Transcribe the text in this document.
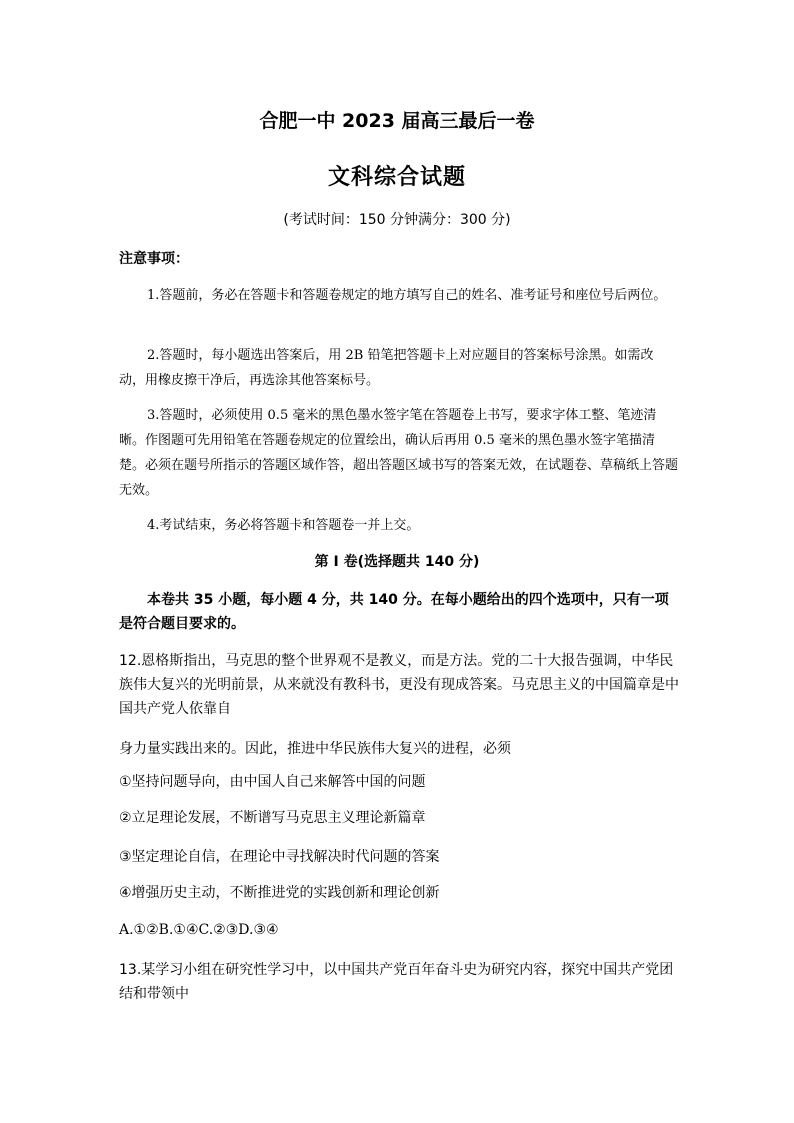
合肥一中 2023 届高三最后一卷
文科综合试题
(考试时间：150 分钟满分：300 分)
注意事项：
1.答题前，务必在答题卡和答题卷规定的地方填写自己的姓名、准考证号和座位号后两位。
2.答题时，每小题选出答案后，用 2B 铅笔把答题卡上对应题目的答案标号涂黑。如需改动，用橡皮擦干净后，再选涂其他答案标号。
3.答题时，必须使用 0.5 毫米的黑色墨水签字笔在答题卷上书写，要求字体工整、笔迹清晰。作图题可先用铅笔在答题卷规定的位置绘出，确认后再用 0.5 毫米的黑色墨水签字笔描清楚。必须在题号所指示的答题区域作答，超出答题区域书写的答案无效，在试题卷、草稿纸上答题无效。
4.考试结束，务必将答题卡和答题卷一并上交。
第 I 卷(选择题共 140 分)
本卷共 35 小题，每小题 4 分，共 140 分。在每小题给出的四个选项中，只有一项是符合题目要求的。
12.恩格斯指出，马克思的整个世界观不是教义，而是方法。党的二十大报告强调，中华民族伟大复兴的光明前景，从来就没有教科书，更没有现成答案。马克思主义的中国篇章是中国共产党人依靠自
身力量实践出来的。因此，推进中华民族伟大复兴的进程，必须
①坚持问题导向，由中国人自己来解答中国的问题
②立足理论发展，不断谱写马克思主义理论新篇章
③坚定理论自信，在理论中寻找解决时代问题的答案
④增强历史主动，不断推进党的实践创新和理论创新
A.①②B.①④C.②③D.③④
13.某学习小组在研究性学习中，以中国共产党百年奋斗史为研究内容，探究中国共产党团结和带领中
